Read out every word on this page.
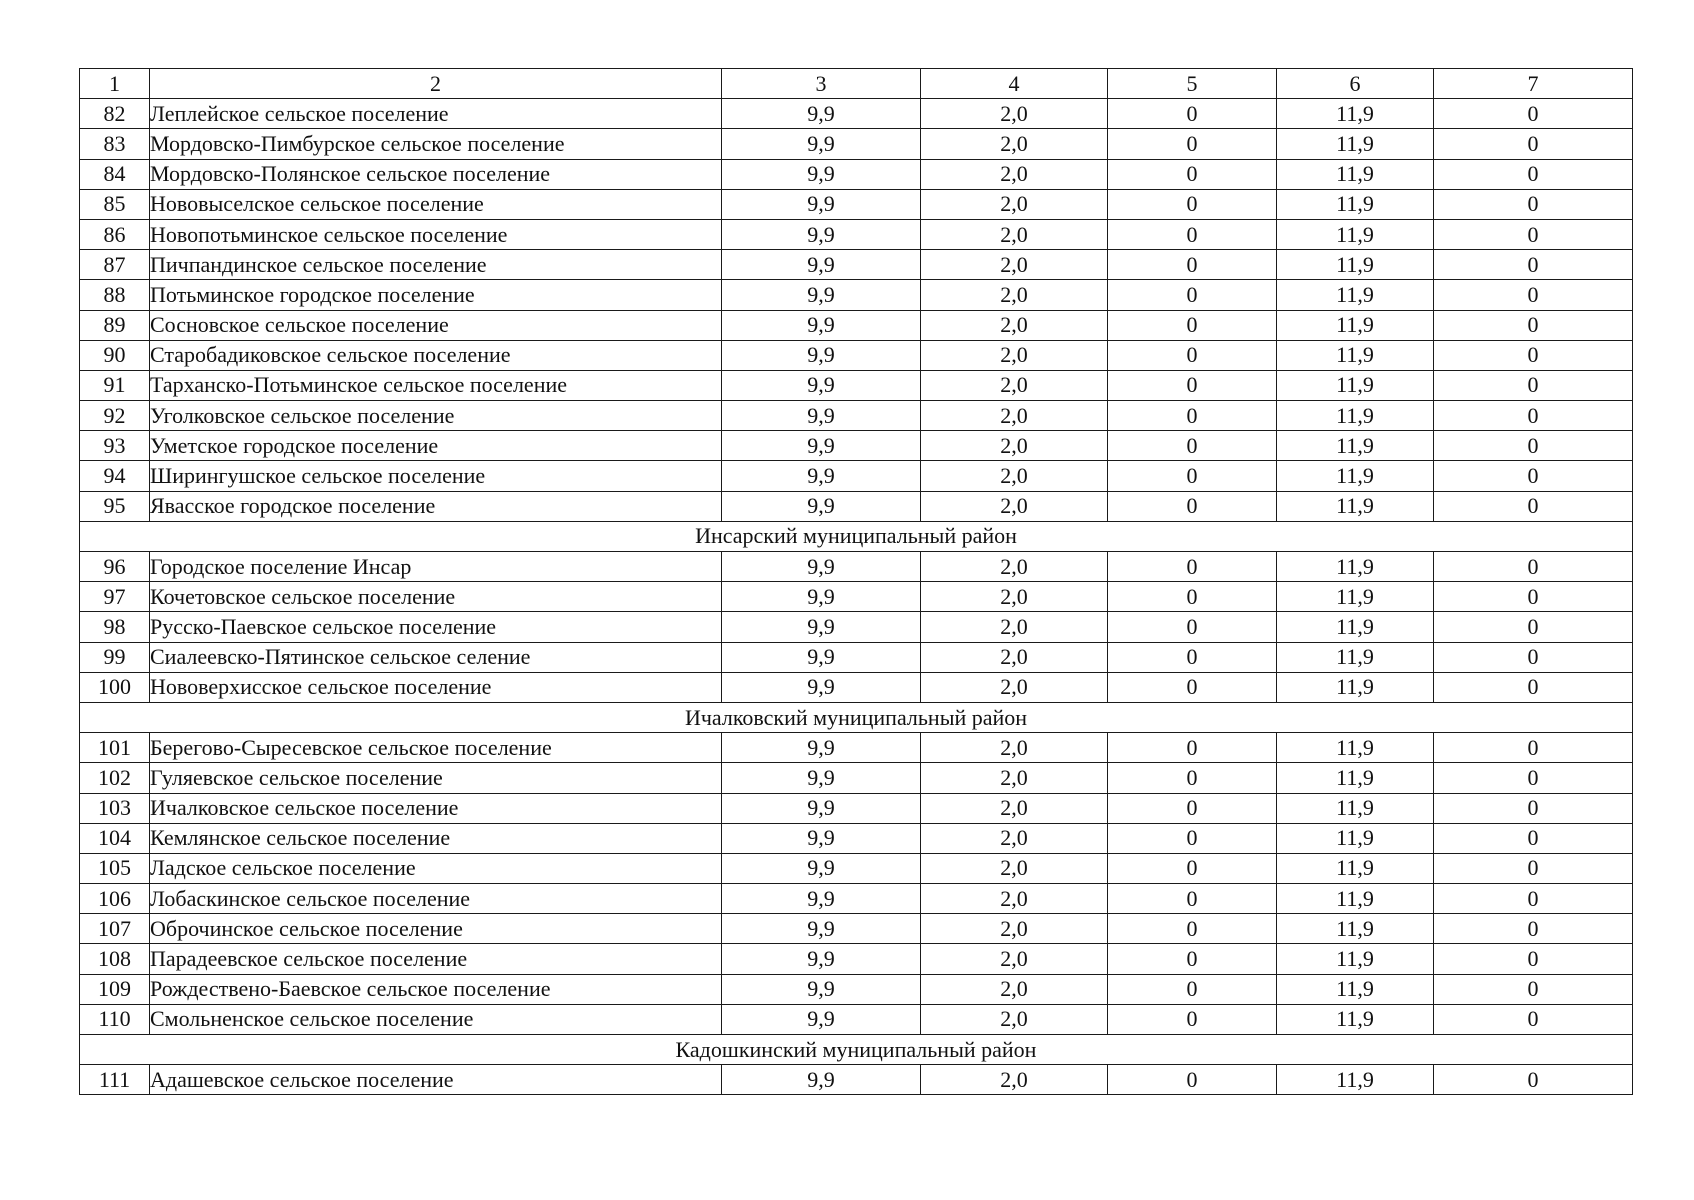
1	2	3	4	5	6	7
82	Леплейское сельское поселение	9,9	2,0	0	11,9	0
83	Мордовско-Пимбурское сельское поселение	9,9	2,0	0	11,9	0
84	Мордовско-Полянское сельское поселение	9,9	2,0	0	11,9	0
85	Нововыселское сельское поселение	9,9	2,0	0	11,9	0
86	Новопотьминское сельское поселение	9,9	2,0	0	11,9	0
87	Пичпандинское сельское поселение	9,9	2,0	0	11,9	0
88	Потьминское городское поселение	9,9	2,0	0	11,9	0
89	Сосновское сельское поселение	9,9	2,0	0	11,9	0
90	Старобадиковское сельское поселение	9,9	2,0	0	11,9	0
91	Тарханско-Потьминское сельское поселение	9,9	2,0	0	11,9	0
92	Уголковское сельское поселение	9,9	2,0	0	11,9	0
93	Уметское городское поселение	9,9	2,0	0	11,9	0
94	Ширингушское сельское поселение	9,9	2,0	0	11,9	0
95	Явасское городское поселение	9,9	2,0	0	11,9	0
Инсарский муниципальный район						
96	Городское поселение Инсар	9,9	2,0	0	11,9	0
97	Кочетовское сельское поселение	9,9	2,0	0	11,9	0
98	Русско-Паевское сельское поселение	9,9	2,0	0	11,9	0
99	Сиалеевско-Пятинское сельское селение	9,9	2,0	0	11,9	0
100	Нововерхисское сельское поселение	9,9	2,0	0	11,9	0
Ичалковский муниципальный район						
101	Берегово-Сыресевское сельское поселение	9,9	2,0	0	11,9	0
102	Гуляевское сельское поселение	9,9	2,0	0	11,9	0
103	Ичалковское сельское поселение	9,9	2,0	0	11,9	0
104	Кемлянское сельское поселение	9,9	2,0	0	11,9	0
105	Ладское сельское поселение	9,9	2,0	0	11,9	0
106	Лобаскинское сельское поселение	9,9	2,0	0	11,9	0
107	Оброчинское сельское поселение	9,9	2,0	0	11,9	0
108	Парадеевское сельское поселение	9,9	2,0	0	11,9	0
109	Рождествено-Баевское сельское поселение	9,9	2,0	0	11,9	0
110	Смольненское сельское поселение	9,9	2,0	0	11,9	0
Кадошкинский муниципальный район						
111	Адашевское сельское поселение	9,9	2,0	0	11,9	0
